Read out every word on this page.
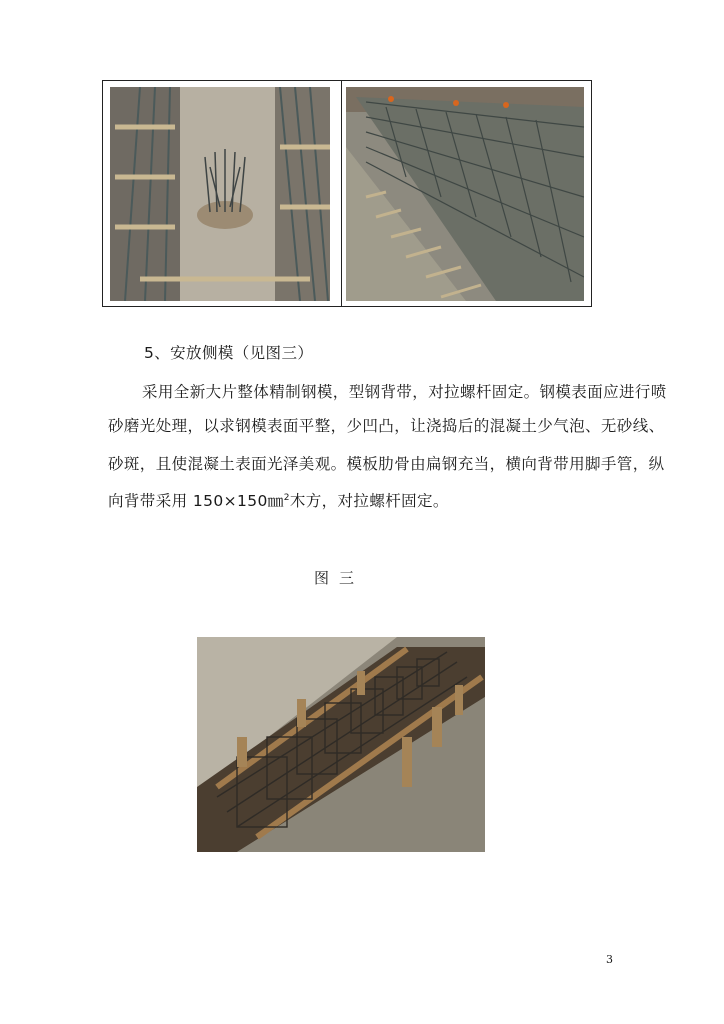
5、安放侧模（见图三）
采用全新大片整体精制钢模，型钢背带，对拉螺杆固定。钢模表面应进行喷
砂磨光处理，以求钢模表面平整，少凹凸，让浇捣后的混凝土少气泡、无砂线、
砂斑，且使混凝土表面光泽美观。模板肋骨由扁钢充当，横向背带用脚手管，纵
向背带采用 150×150㎜$^2$木方，对拉螺杆固定。
图三
3
